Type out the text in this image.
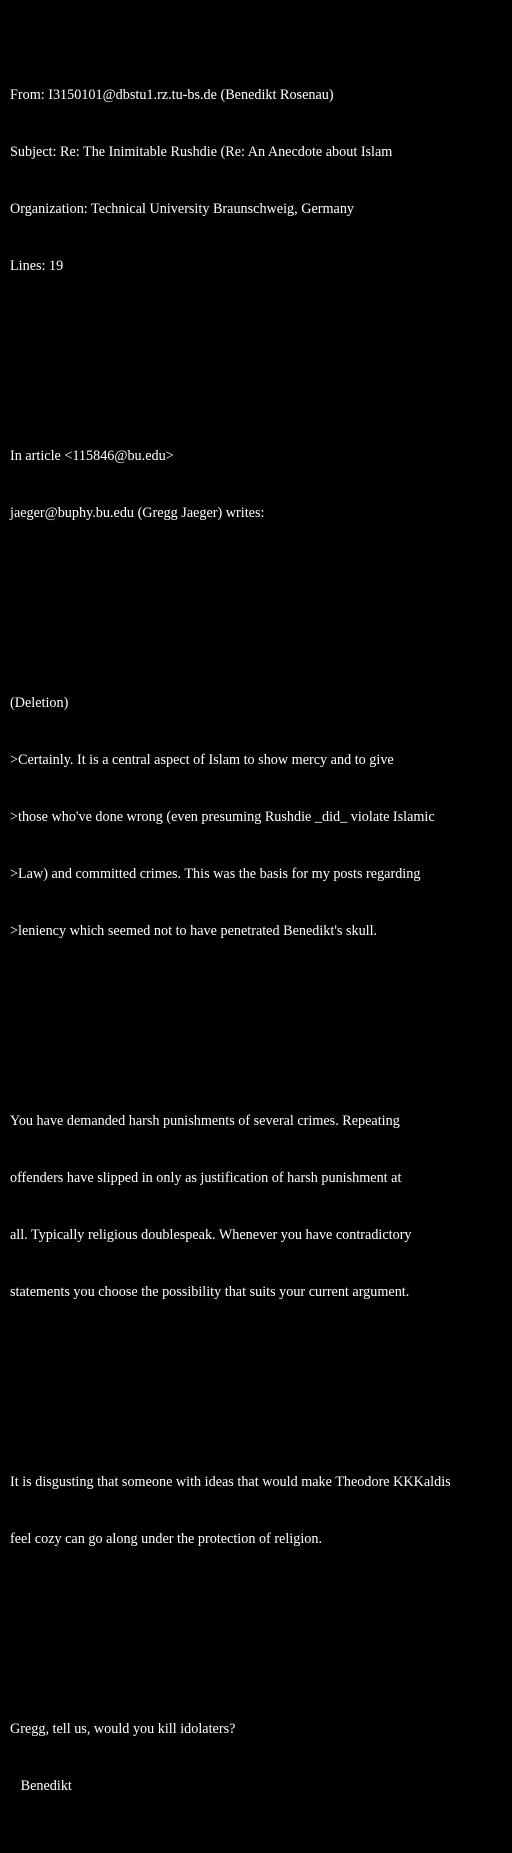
From: I3150101@dbstu1.rz.tu-bs.de (Benedikt Rosenau)

Subject: Re: The Inimitable Rushdie (Re: An Anecdote about Islam

Organization: Technical University Braunschweig, Germany

Lines: 19

In article <115846@bu.edu>

jaeger@buphy.bu.edu (Gregg Jaeger) writes:

(Deletion)

>Certainly. It is a central aspect of Islam to show mercy and to give

>those who've done wrong (even presuming Rushdie _did_ violate Islamic

>Law) and committed crimes. This was the basis for my posts regarding

>leniency which seemed not to have penetrated Benedikt's skull.

You have demanded harsh punishments of several crimes. Repeating

offenders have slipped in only as justification of harsh punishment at

all. Typically religious doublespeak. Whenever you have contradictory

statements you choose the possibility that suits your current argument.

It is disgusting that someone with ideas that would make Theodore KKKaldis

feel cozy can go along under the protection of religion.

Gregg, tell us, would you kill idolaters?

Benedikt
